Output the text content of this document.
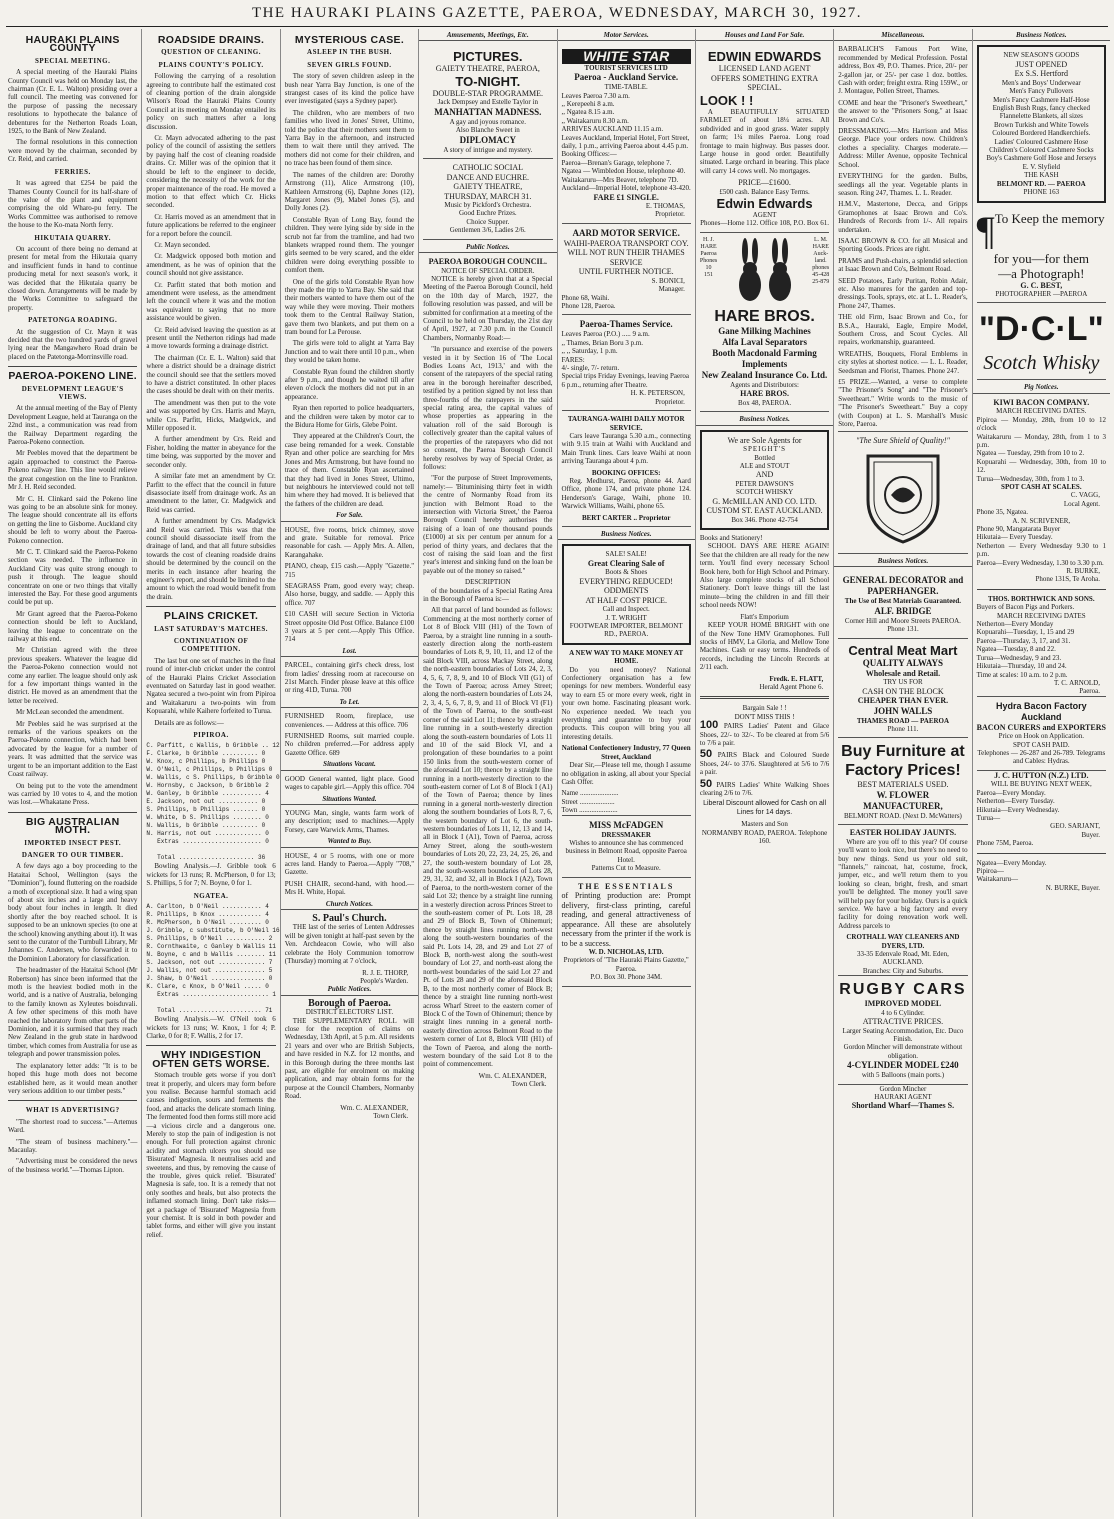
THE HAURAKI PLAINS GAZETTE, PAEROA, WEDNESDAY, MARCH 30, 1927.
HAURAKI PLAINS COUNTY
SPECIAL MEETING.

A special meeting of the Hauraki Plains County Council was held on Monday last, the chairman (Cr. E. L. Walton) presiding over a full council. The meeting was convened for the purpose of passing the necessary resolutions to hypothecate the balance of debentures for the Netherton Roads Loan, 1925, to the Bank of New Zealand.

The formal resolutions in this connection were moved by the chairman, seconded by Cr. Reid, and carried.

FERRIES.

It was agreed that £254 be paid the Thames County Council for its half-share of the value of the plant and equipment comprising the old Wharo-pu ferry. The Works Committee was authorised to remove the house to the Ko-mata North ferry.

HIKUTAIA QUARRY.

On account of there being no demand at present for metal from the Hikutaia quarry and insufficient funds in hand to continue producing metal for next season's work, it was decided that the Hikutaia quarry be closed down. Arrangements will be made by the Works Committee to safeguard the property.

PATETONGA ROADING.

At the suggestion of Cr. Mayn it was decided that the two hundred yards of gravel lying near the Mangawhero Road drain be placed on the Patetonga-Morrinsville road.

PAEROA-POKENO LINE.
DEVELOPMENT LEAGUE'S VIEWS.

At the annual meeting of the Bay of Plenty Development League, held at Tauranga on the 22nd inst., a communication was read from the Railway Department regarding the Paeroa-Pokeno connection.

Mr Peebles moved that the department be again approached to construct the Paeroa-Pokeno railway line. This line would relieve the great congestion on the line to Frankton. Mr J. H. Reid seconded.

Mr C. H. Clinkard said the Pokeno line was going to be an absolute sink for money. The league should concentrate all its efforts on getting the line to Gisborne. Auckland city should be left to worry about the Paeroa-Pokeno connection.

Mr C. T. Clinkard said the Paeroa-Pokeno section was needed. The influence in Auckland City was quite strong enough to push it through. The league should concentrate on one or two things that vitally interested the Bay. For these good arguments could be put up.

Mr Grant agreed that the Paeroa-Pokeno connection should be left to Auckland, leaving the league to concentrate on the railway at this end.

Mr Christian agreed with the three previous speakers. Whatever the league did the Paeroa-Pokeno connection would not come any earlier. The league should only ask for a few important things wanted in the district. He moved as an amendment that the letter be received.

Mr McLean seconded the amendment.

Mr Peebles said he was surprised at the remarks of the various speakers on the Paeroa-Pokeno connection, which had been advocated by the league for a number of years. It was admitted that the service was urgent to be an important addition to the East Coast railway.

On being put to the vote the amendment was carried by 10 votes to 4, and the motion was lost.—Whakatane Press.

BIG AUSTRALIAN MOTH.
IMPORTED INSECT PEST.
DANGER TO OUR TIMBER.

A few days ago a boy proceeding to the Hataitai School, Wellington (says the "Dominion"), found fluttering on the roadside a moth of exceptional size. It had a wing span of about six inches and a large and heavy body about four inches in length. It died shortly after the boy reached school. It is supposed to be an unknown species (to one at the school) knowing anything about it). It was sent to the curator of the Turnbull Library, Mr Johannes C. Andersen, who forwarded it to the Dominion Laboratory for classification.

The headmaster of the Hataitai School (Mr Robertson) has since been informed that the moth is the heaviest bodied moth in the world, and is a native of Australia, belonging to the family known as Xyleutes boisduvali. A few other specimens of this moth have reached the laboratory from other parts of the Dominion, and it is surmised that they reach New Zealand in the grub state in hardwood timber, which comes from Australia for use as telegraph and power transmission poles.

The explanatory letter adds: "It is to be hoped this huge moth does not become established here, as it would mean another very serious addition to our timber pests."

WHAT IS ADVERTISING?

"The shortest road to success."—Artemus Ward.

"The steam of business machinery."—Macaulay.

"Advertising must be considered the news of the business world."—Thomas Lipton.

ROADSIDE DRAINS.
QUESTION OF CLEANING.
PLAINS COUNTY'S POLICY.

Following the carrying of a resolution agreeing to contribute half the estimated cost of cleaning portion of the drain alongside Wilson's Road the Hauraki Plains County Council at its meeting on Monday entailed its policy on such matters after a long discussion.

Cr. Mayn advocated adhering to the past policy of the council of assisting the settlers by paying half the cost of cleaning roadside drains. Cr. Miller was of the opinion that it should be left to the engineer to decide, considering the necessity of the work for the proper maintenance of the road. He moved a motion to that effect which Cr. Hicks seconded.

Cr. Harris moved as an amendment that in future applications be referred to the engineer for a report before the council.

Cr. Mayn seconded.

Cr. Madgwick opposed both motion and amendment, as he was of opinion that the council should not give assistance.

Cr. Parfitt stated that both motion and amendment were useless, as the amendment left the council where it was and the motion was equivalent to saying that no more assistance would be given.

Cr. Reid advised leaving the question as at present until the Netherton ridings had made a move towards forming a drainage district.

The chairman (Cr. E. L. Walton) said that where a district should be a drainage district the council should see that the settlers moved to have a district constituted. In other places the cases should be dealt with on their merits.

The amendment was then put to the vote and was supported by Crs. Harris and Mayn, while Crs. Parfitt, Hicks, Madgwick, and Miller opposed it.

A further amendment by Crs. Reid and Fisher, holding the matter in abeyance for the time being, was supported by the mover and seconder only.

A similar fate met an amendment by Cr. Parfitt to the effect that the council in future disassociate itself from drainage work. As an amendment to the latter, Cr. Madgwick and Reid was carried.

A further amendment by Crs. Madgwick and Reid was carried. This was that the council should disassociate itself from the drainage of land, and that all future subsidies towards the cost of cleaning roadside drains should be determined by the council on the merits in each instance after hearing the engineer's report, and should be limited to the amount to which the road would benefit from the drain.

PLAINS CRICKET.
LAST SATURDAY'S MATCHES.
CONTINUATION OF COMPETITION.

The last but one set of matches in the final round of inter-club cricket under the control of the Hauraki Plains Cricket Association eventuated on Saturday last in good weather. Ngatea secured a two-point win from Pipiroa and Waitakaruru a two-points win from Kopuarahi, while Kaihere forfeited to Turua.

Details are as follows:—

PIPIROA.
C. Parfitt, c Wallis, b Gribble .. 12
F. Clarke, b Gribble .......... 0
W. Knox, c Phillips, b Phillips 0
W. O'Neil, c Phillips, b Phillips 0
W. Wallis, c S. Phillips, b Gribble 0
W. Hornsby, c Jackson, b Gribble 2
W. Ganley, b Gribble ........... 4
E. Jackson, not out ........... 0
S. Phillips, b Phillips ....... 0
W. White, b S. Phillips ........ 0
N. Wallis, b Gribble .......... 0
N. Harris, not out ............. 0
Extras ...................... 0

Total ..................... 36

Bowling Analysis.—J. Gribble took 6 wickets for 13 runs; R. McPherson, 0 for 13; S. Phillips, 5 for 7; N. Boyne, 0 for 1.

NGATEA.
A. Carlton, b O'Neil ........... 4
R. Phillips, b Knox ............ 4
R. McPherson, b O'Neil ......... 0
J. Gribble, c substitute, b O'Neil 16
S. Phillips, b O'Neil ........... 2
R. Cornthwaite, c Ganley b Wallis 11
N. Boyne, c and b Wallis ........ 11
S. Jackson, not out ............. 7
J. Wallis, not out .............. 5
J. Shaw, b O'Neil ............... 0
K. Clare, c Knox, b O'Neil ..... 0
Extras ........................ 1

Total ....................... 71

Bowling Analysis.—W. O'Neil took 6 wickets for 13 runs; W. Knox, 1 for 4; P. Clarke, 0 for 8; F. Wallis, 2 for 17.

WHY INDIGESTION OFTEN GETS WORSE.

Stomach trouble gets worse if you don't treat it properly, and ulcers may form before you realise. Because harmful stomach acid causes indigestion, sours and ferments the food, and attacks the delicate stomach lining. The fermented food then forms still more acid—a vicious circle and a dangerous one. Merely to stop the pain of indigestion is not enough. For full protection against chronic acidity and stomach ulcers you should use 'Bisurated' Magnesia. It neutralises acid and sweetens, and thus, by removing the cause of the trouble, gives quick relief. 'Bisurated' Magnesia is safe, too. It is a remedy that not only soothes and heals, but also protects the inflamed stomach lining. Don't take risks—get a package of 'Bisurated' Magnesia from your chemist. It is sold in both powder and tablet forms, and either will give you instant relief.

MYSTERIOUS CASE.
ASLEEP IN THE BUSH.
SEVEN GIRLS FOUND.

The story of seven children asleep in the bush near Yarra Bay Junction, is one of the strangest cases of its kind the police have ever investigated (says a Sydney paper).

The children, who are members of two families who lived in Jones' Street, Ultimo, told the police that their mothers sent them to Yarra Bay in the afternoon, and instructed them to wait there until they arrived. The mothers did not come for their children, and no trace has been found of them since.

The names of the children are: Dorothy Armstrong (11), Alice Armstrong (10), Kathleen Armstrong (6), Daphne Jones (12), Margaret Jones (9), Mabel Jones (5), and Dolly Jones (2).

Constable Ryan of Long Bay, found the children. They were lying side by side in the scrub not far from the tramline, and had two blankets wrapped round them. The younger girls seemed to be very scared, and the elder children were doing everything possible to comfort them.

One of the girls told Constable Ryan how they made the trip to Yarra Bay. She said that their mothers wanted to have them out of the way while they were moving. Their mothers took them to the Central Railway Station, gave them two blankets, and put them on a tram bound for La Perouse.

The girls were told to alight at Yarra Bay Junction and to wait there until 10 p.m., when they would be taken home.

Constable Ryan found the children shortly after 9 p.m., and though he waited till after eleven o'clock the mothers did not put in an appearance.

Ryan then reported to police headquarters, and the children were taken by motor car to the Bidura Home for Girls, Glebe Point.

They appeared at the Children's Court, the case being remanded for a week. Constable Ryan and other police are searching for Mrs Jones and Mrs Armstrong, but have found no trace of them. Constable Ryan ascertained that they had lived in Jones Street, Ultimo, but neighbours he interviewed could not tell him where they had moved. It is believed that the fathers of the children are dead.

For Sale.

HOUSE, five rooms, brick chimney, stove and grate. Suitable for removal. Price reasonable for cash. — Apply Mrs. A. Allen, Karangahake.

PIANO, cheap, £15 cash.—Apply "Gazette." 715

SEAGRASS Pram, good every way; cheap. Also horse, buggy, and saddle. — Apply this office. 707

£10 CASH will secure Section in Victoria Street opposite Old Post Office. Balance £100 3 years at 5 per cent.—Apply This Office. 714

Lost.

PARCEL, containing girl's check dress, lost from ladies' dressing room at racecourse on 21st March. Finder please leave at this office or ring 41D, Turua. 700

To Let.

FURNISHED Room, fireplace, use conveniences. — Address at this office. 706

FURNISHED Rooms, suit married couple. No children preferred.—For address apply Gazette Office. 689

Situations Vacant.

GOOD General wanted, light place. Good wages to capable girl.—Apply this office. 704

Situations Wanted.

YOUNG Man, single, wants farm work of any description; used to machines.—Apply Forsey, care Warwick Arms, Thames.

Wanted to Buy.

HOUSE, 4 or 5 rooms, with one or more acres land. Handy to Paeroa.—Apply "708," Gazette.

PUSH CHAIR, second-hand, with hood.—Mrs H. White, Hopai.

Church Notices.
S. Paul's Church.

THE last of the series of Lenten Addresses will be given tonight at half-past seven by the Ven. Archdeacon Cowie, who will also celebrate the Holy Communion tomorrow (Thursday) morning at 7 o'clock,

R. J. E. THORP,
People's Warden.
Public Notices.
Borough of Paeroa.
DISTRICT ELECTORS' LIST.

THE SUPPLEMENTARY ROLL will close for the reception of claims on Wednesday, 13th April, at 5 p.m. All residents 21 years and over who are British Subjects, and have resided in N.Z. for 12 months, and in this Borough during the three months last past, are eligible for enrolment on making application, and may obtain forms for the purpose at the Council Chambers, Normanby Road.

Wm. C. ALEXANDER,
Town Clerk.
Amusements, Meetings, Etc.
PICTURES.
GAIETY THEATRE, PAEROA,
TO-NIGHT.
DOUBLE-STAR PROGRAMME.
Jack Dempsey and Estelle Taylor in
MANHATTAN MADNESS.
A gay and joyous romance.
Also Blanche Sweet in
DIPLOMACY
A story of intrigue and mystery.
CATHOLIC SOCIAL
DANCE AND EUCHRE.
GAIETY THEATRE,
THURSDAY, MARCH 31.
Music by Pickford's Orchestra.
Good Euchre Prizes.
Choice Supper.
Gentlemen 3/6, Ladies 2/6.
Public Notices.
PAEROA BOROUGH COUNCIL.
NOTICE OF SPECIAL ORDER.

NOTICE is hereby given that at a Special Meeting of the Paeroa Borough Council, held on the 10th day of March, 1927, the following resolution was passed, and will be submitted for confirmation at a meeting of the Council to be held on Thursday, the 21st day of April, 1927, at 7.30 p.m. in the Council Chambers, Normanby Road:—

"In pursuance and exercise of the powers vested in it by Section 16 of 'The Local Bodies Loans Act, 1913,' and with the consent of the ratepayers of the special rating area in the borough hereinafter described, testified by a petition signed by not less than three-fourths of the ratepayers in the said special rating area, the capital values of whose properties as appearing in the valuation roll of the said Borough is collectively greater than the capital values of the properties of the ratepayers who did not so consent, the Paeroa Borough Council hereby resolves by way of Special Order, as follows:

"For the purpose of Street Improvements, namely:— 'Bituminising thirty feet in width the centre of Normanby Road from its junction with Belmont Road to the intersection with Victoria Street,' the Paeroa Borough Council hereby authorises the raising of a loan of one thousand pounds (£1000) at six per centum per annum for a period of thirty years, and declares that the cost of raising the said loan and the first year's interest and sinking fund on the loan be payable out of the money so raised."

DESCRIPTION

of the boundaries of a Special Rating Area in the Borough of Paeroa is:—

All that parcel of land bounded as follows: Commencing at the most northerly corner of Lot 8 of Block VIII (H1) of the Town of Paeroa, by a straight line running in a south-easterly direction along the north-eastern boundaries of Lots 8, 9, 10, 11, and 12 of the said Block VIII, across Mackay Street, along the north-eastern boundaries of Lots 24, 2, 3, 4, 5, 6, 7, 8, 9, and 10 of Block VII (G1) of the Town of Paeroa; across Arney Street; along the north-eastern boundaries of Lots 24, 2, 3, 4, 5, 6, 7, 8, 9, and 11 of Block VI (F1) of the Town of Paeroa, to the south-east corner of the said Lot 11; thence by a straight line running in a south-westerly direction along the south-eastern boundaries of Lots 11 and 10 of the said Block VI, and a prolongation of these boundaries to a point 150 links from the south-western corner of the aforesaid Lot 10; thence by a straight line running in a north-westerly direction to the south-eastern corner of Lot 8 of Block I (A1) of the Town of Paeroa; thence by lines running in a general north-westerly direction along the southern boundaries of Lots 8, 7, 6, the western boundary of Lot 6, the south-western boundaries of Lots 11, 12, 13 and 14, all in Block I (A1), Town of Paeroa, across Arney Street, along the south-western boundaries of Lots 20, 22, 23, 24, 25, 26, and 27, the south-western boundary of Lot 28, and the south-western boundaries of Lots 28, 29, 31, 32, and 32, all in Block I (A2), Town of Paeroa, to the north-western corner of the said Lot 32; thence by a straight line running in a westerly direction across Princes Street to the south-eastern corner of Pt. Lots 18, 28 and 29 of Block B, Town of Ohinemuri; thence by straight lines running north-west along the south-western boundaries of the said Pt. Lots 14, 28, and 29 and Lot 27 of Block B, north-west along the south-west boundary of Lot 27, and north-east along the north-west boundaries of the said Lot 27 and Pt. of Lots 28 and 29 of the aforesaid Block B, to the most northerly corner of Block B; thence by a straight line running north-west across Wharf Street to the eastern corner of Block C of the Town of Ohinemuri; thence by straight lines running in a general north-easterly direction across Belmont Road to the western corner of Lot 8, Block VIII (H1) of the Town of Paeroa, and along the north-western boundary of the said Lot 8 to the point of commencement.

Wm. C. ALEXANDER,
Town Clerk.
Motor Services.
WHITE STAR
TOURIST SERVICES LTD
Paeroa - Auckland Service.
TIME-TABLE.
Leaves Paeroa 7.30 a.m.
,, Kerepeehi 8 a.m.
,, Ngatea 8.15 a.m.
,, Waitakaruru 8.30 a.m.
ARRIVES AUCKLAND 11.15 a.m.
Leaves Auckland, Imperial Hotel, Fort Street, daily, 1 p.m., arriving Paeroa about 4.45 p.m.
Booking Offices:—
Paeroa—Brenan's Garage, telephone 7.
Ngatea — Wimbledon House, telephone 40.
Waitakaruru—Mrs Beaver, telephone 7D.
Auckland—Imperial Hotel, telephone 43-420.
FARE £1 SINGLE.
E. THOMAS,
Proprietor.
AARD MOTOR SERVICE.
WAIHI-PAEROA TRANSPORT COY.
WILL NOT RUN THEIR THAMES SERVICE
UNTIL FURTHER NOTICE.
S. BONICI,
Manager.
Phone 68, Waihi.
Phone 128, Paeroa.
Paeroa-Thames Service.
Leaves Paeroa (P.O.) ..... 9 a.m.
,, Thames, Brian Boru 3 p.m.
,, ,, Saturday, 1 p.m.
FARES:
4/- single, 7/- return.
Special trips Friday Evenings, leaving Paeroa 6 p.m., returning after Theatre.
H. K. PETERSON,
Proprietor.
TAURANGA-WAIHI DAILY MOTOR SERVICE.

Cars leave Tauranga 5.30 a.m., connecting with 9.15 train at Waihi with Auckland and Main Trunk lines. Cars leave Waihi at noon arriving Tauranga about 4 p.m.

BOOKING OFFICES:

Reg. Medhurst, Paeroa, phone 44. Aard Office, phone 174, and private phone 124. Henderson's Garage, Waihi, phone 10. Warwick Williams, Waihi, phone 65.

BERT CARTER .. Proprietor
Business Notices.
SALE! SALE!
Great Clearing Sale of
Boots & Shoes
EVERYTHING REDUCED!
ODDMENTS
AT HALF COST PRICE.
Call and Inspect.
J. T. WRIGHT
FOOTWEAR IMPORTER, BELMONT RD., PAEROA.
A NEW WAY TO MAKE MONEY AT HOME.

Do you need money? National Confectionery organisation has a few openings for new members. Wonderful easy way to earn £5 or more every week, right in your own home. Fascinating pleasant work. No experience needed. We teach you everything and guarantee to buy your products. This coupon will bring you all interesting details.

National Confectionery Industry, 77 Queen Street, Auckland

Dear Sir,—Please tell me, though I assume no obligation in asking, all about your Special Cash Offer.

Name ......................
Street ....................
Town ......................
MISS McFADGEN
DRESSMAKER
Wishes to announce she has commenced business in Belmont Road, opposite Paeroa Hotel.
Patterns Cut to Measure.
THE ESSENTIALS
of Printing production are: Prompt delivery, first-class printing, careful reading, and general attractiveness of appearance. All these are absolutely necessary from the printer if the work is to be a success.
W. D. NICHOLAS, LTD.
Proprietors of "The Hauraki Plains Gazette," Paeroa.
P.O. Box 30. Phone 34M.
Houses and Land For Sale.
EDWIN EDWARDS
LICENSED LAND AGENT
OFFERS SOMETHING EXTRA SPECIAL.
LOOK ! !

A BEAUTIFULLY SITUATED FARMLET of about 18¼ acres. All subdivided and in good grass. Water supply on farm; 1¼ miles Paeroa. Long road frontage to main highway. Bus passes door. Large house in good order. Beautifully situated. Large orchard in bearing. This place will carry 14 cows well. No mortgages.

PRICE—£1600.
£500 cash. Balance Easy Terms.
Edwin Edwards
AGENT
Phones—Home 112. Office 108, P.O. Box 61.
H. J.
HARE
Paeroa
Phones
10
151
L. M.
HARE
Auck-
land.
phones
45-428
25-879
HARE BROS.
Gane Milking Machines
Alfa Laval Separators
Booth Macdonald Farming Implements
New Zealand Insurance Co. Ltd.
Agents and Distributors:
HARE BROS.
Box 48, PAEROA.
Business Notices.
We are Sole Agents for
SPEIGHT'S
Bottled
ALE and STOUT
AND
PETER DAWSON'S
SCOTCH WHISKY
G. McMILLAN AND CO. LTD.
CUSTOM ST. EAST AUCKLAND.
Box 346. Phone 42-754
Books and Stationery!

SCHOOL DAYS ARE HERE AGAIN! See that the children are all ready for the new term. You'll find every necessary School Book here, both for High School and Primary. Also large complete stocks of all School Stationery. Don't leave things till the last minute—bring the children in and fill their school needs NOW!

Flatt's Emporium

KEEP YOUR HOME BRIGHT with one of the New Tone HMV Gramophones. Full stocks of HMV, La Gloria, and Mellow Tone Machines. Cash or easy terms. Hundreds of records, including the Lincoln Records at 2/11 each.

Fredk. E. FLATT,
Herald Agent Phone 6.
Bargain Sale ! !
DON'T MISS THIS !

100 PAIRS Ladies' Patent and Glace Shoes, 22/- to 32/-. To be cleared at from 5/6 to 7/6 a pair.

50 PAIRS Black and Coloured Suede Shoes, 24/- to 37/6. Slaughtered at 5/6 to 7/6 a pair.

50 PAIRS Ladies' White Walking Shoes clearing 2/6 to 7/6.

Liberal Discount allowed for Cash on all Lines for 14 days.
Masters and Son
NORMANBY ROAD, PAEROA. Telephone 160.
Miscellaneous.

BARBALICH'S Famous Port Wine, recommended by Medical Profession. Postal address, Box 49, P.O. Thames. Price, 20/- per 2-gallon jar, or 25/- per case 1 doz. bottles. Cash with order; freight extra. Ring 159W., or J. Montague, Pollen Street, Thames.

COME and hear the "Prisoner's Sweetheart," the answer to the "Prisoners Song," at Isaac Brown and Co's.

DRESSMAKING.—Mrs Harrison and Miss George. Place your orders now. Children's clothes a speciality. Charges moderate.—Address: Miller Avenue, opposite Technical School.

EVERYTHING for the garden. Bulbs, seedlings all the year. Vegetable plants in season. Ring 247, Thames. L. L. Reader.

H.M.V., Mastertone, Decca, and Gripps Gramophones at Isaac Brown and Co's. Hundreds of Records from 1/-. All repairs undertaken.

ISAAC BROWN & CO. for all Musical and Sporting Goods. Prices are right.

PRAMS and Push-chairs, a splendid selection at Isaac Brown and Co's, Belmont Road.

SEED Potatoes, Early Puritan, Robin Adair, etc. Also manures for the garden and top-dressings. Tools, sprays, etc. at L. L. Reader's, Phone 247, Thames.

THE old Firm, Isaac Brown and Co., for B.S.A., Hauraki, Eagle, Empire Model, Southern Cross, and Scout Cycles. All repairs, workmanship, guaranteed.

WREATHS, Bouquets, Floral Emblems in city styles at shortest notice. — L. L. Reader, Seedsman and Florist, Thames. Phone 247.

£5 PRIZE.—Wanted, a verse to complete "The Prisoner's Song" and "The Prisoner's Sweetheart." Write words to the music of "The Prisoner's Sweetheart." Buy a copy (with Coupon) at L. S. Marshall's Music Store, Paeroa.

"The Sure Shield of Quality!"
Business Notices.
GENERAL DECORATOR and PAPERHANGER.
The Use of Best Materials Guaranteed.
ALF. BRIDGE
Corner Hill and Moore Streets PAEROA.
Phone 131.
Central Meat Mart
QUALITY ALWAYS
Wholesale and Retail.
TRY US FOR
CASH ON THE BLOCK
CHEAPER THAN EVER.
JOHN WALLS
THAMES ROAD — PAEROA
Phone 111.
Buy Furniture at Factory Prices!
BEST MATERIALS USED.
W. FLOWER MANUFACTURER,
BELMONT ROAD. (Next D. McWatters)
EASTER HOLIDAY JAUNTS.

Where are you off to this year? Of course you'll want to look nice, but there's no need to buy new things. Send us your old suit, "flannels," raincoat, hat, costume, frock, jumper, etc., and we'll return them to you looking so clean, bright, fresh, and smart you'll be delighted. The money you'll save will help pay for your holiday. Ours is a quick service. We have a big factory and every facility for doing renovation work well. Address parcels to

CROTHALL WAY CLEANERS AND DYERS, LTD.
33-35 Edenvale Road, Mt. Eden, AUCKLAND.
Branches: City and Suburbs.
RUGBY CARS
IMPROVED MODEL
4 to 6 Cylinder.
ATTRACTIVE PRICES.
Larger Seating Accommodation, Etc. Duco Finish.
Gordon Mincher will demonstrate without obligation.
4-CYLINDER MODEL £240
with 5 Balloons (main ports.)
Gordon Mincher
HAURAKI AGENT
Shortland Wharf—Thames S.
Business Notices.
NEW SEASON'S GOODS
JUST OPENED
Ex S.S. Hertford
Men's and Boys' Underwear
Men's Fancy Pullovers
Men's Fancy Cashmere Half-Hose
English Bush Rugs, fancy checked
Flannelette Blankets, all sizes
Brown Turkish and White Towels
Coloured Bordered Handkerchiefs.
Ladies' Coloured Cashmere Hose
Children's Coloured Cashmere Socks
Boy's Cashmere Golf Hose and Jerseys
E. V. Slyfield
THE KASH
BELMONT RD. — PAEROA
PHONE 163
¶ To Keep the memory
for you—for them
—a Photograph!
G. C. BEST,
PHOTOGRAPHER —PAEROA
"D·C·L"
Scotch Whisky
Pig Notices.
KIWI BACON COMPANY.
MARCH RECEIVING DATES.
Pipiroa — Monday, 28th, from 10 to 12 o'clock
Waitakaruru — Monday, 28th, from 1 to 3 p.m.
Ngatea — Tuesday, 29th from 10 to 2.
Kopuarahi — Wednesday, 30th, from 10 to 12.
Turua—Wednesday, 30th, from 1 to 3.
SPOT CASH AT SCALES.
C. VAGG,
Local Agent.
Phone 35, Ngatea.
A. N. SCRIVENER,
Phone 90, Mangatarata Buyer
Hikutaia— Every Tuesday.
Netherton — Every Wednesday 9.30 to 1 p.m.
Paeroa—Every Wednesday, 1.30 to 3.30 p.m.
R. BURKE,
Phone 131S, Te Aroha.
THOS. BORTHWICK AND SONS.
Buyers of Bacon Pigs and Porkers.
MARCH RECEIVING DATES
Netherton—Every Monday
Kopuarahi—Tuesday, 1, 15 and 29
Paeroa—Thursday, 3, 17, and 31.
Ngatea—Tuesday, 8 and 22.
Turua—Wednesday, 9 and 23.
Hikutaia—Thursday, 10 and 24.
Time at scales: 10 a.m. to 2 p.m.
T. C. ARNOLD,
Paeroa.
Hydra Bacon Factory Auckland
BACON CURERS and EXPORTERS
Price on Hook on Application.
SPOT CASH PAID.
Telephones — 26-287 and 26-789. Telegrams and Cables: Hydras.
J. C. HUTTON (N.Z.) LTD.
WILL BE BUYING NEXT WEEK,
Paeroa—Every Monday.
Netherton—Every Tuesday.
Hikutaia—Every Wednesday.
Turua—
GEO. SARJANT,
Buyer.
Phone 75M, Paeroa.
Ngatea—Every Monday.
Pipiroa—
Waitakaruru—
N. BURKE, Buyer.
